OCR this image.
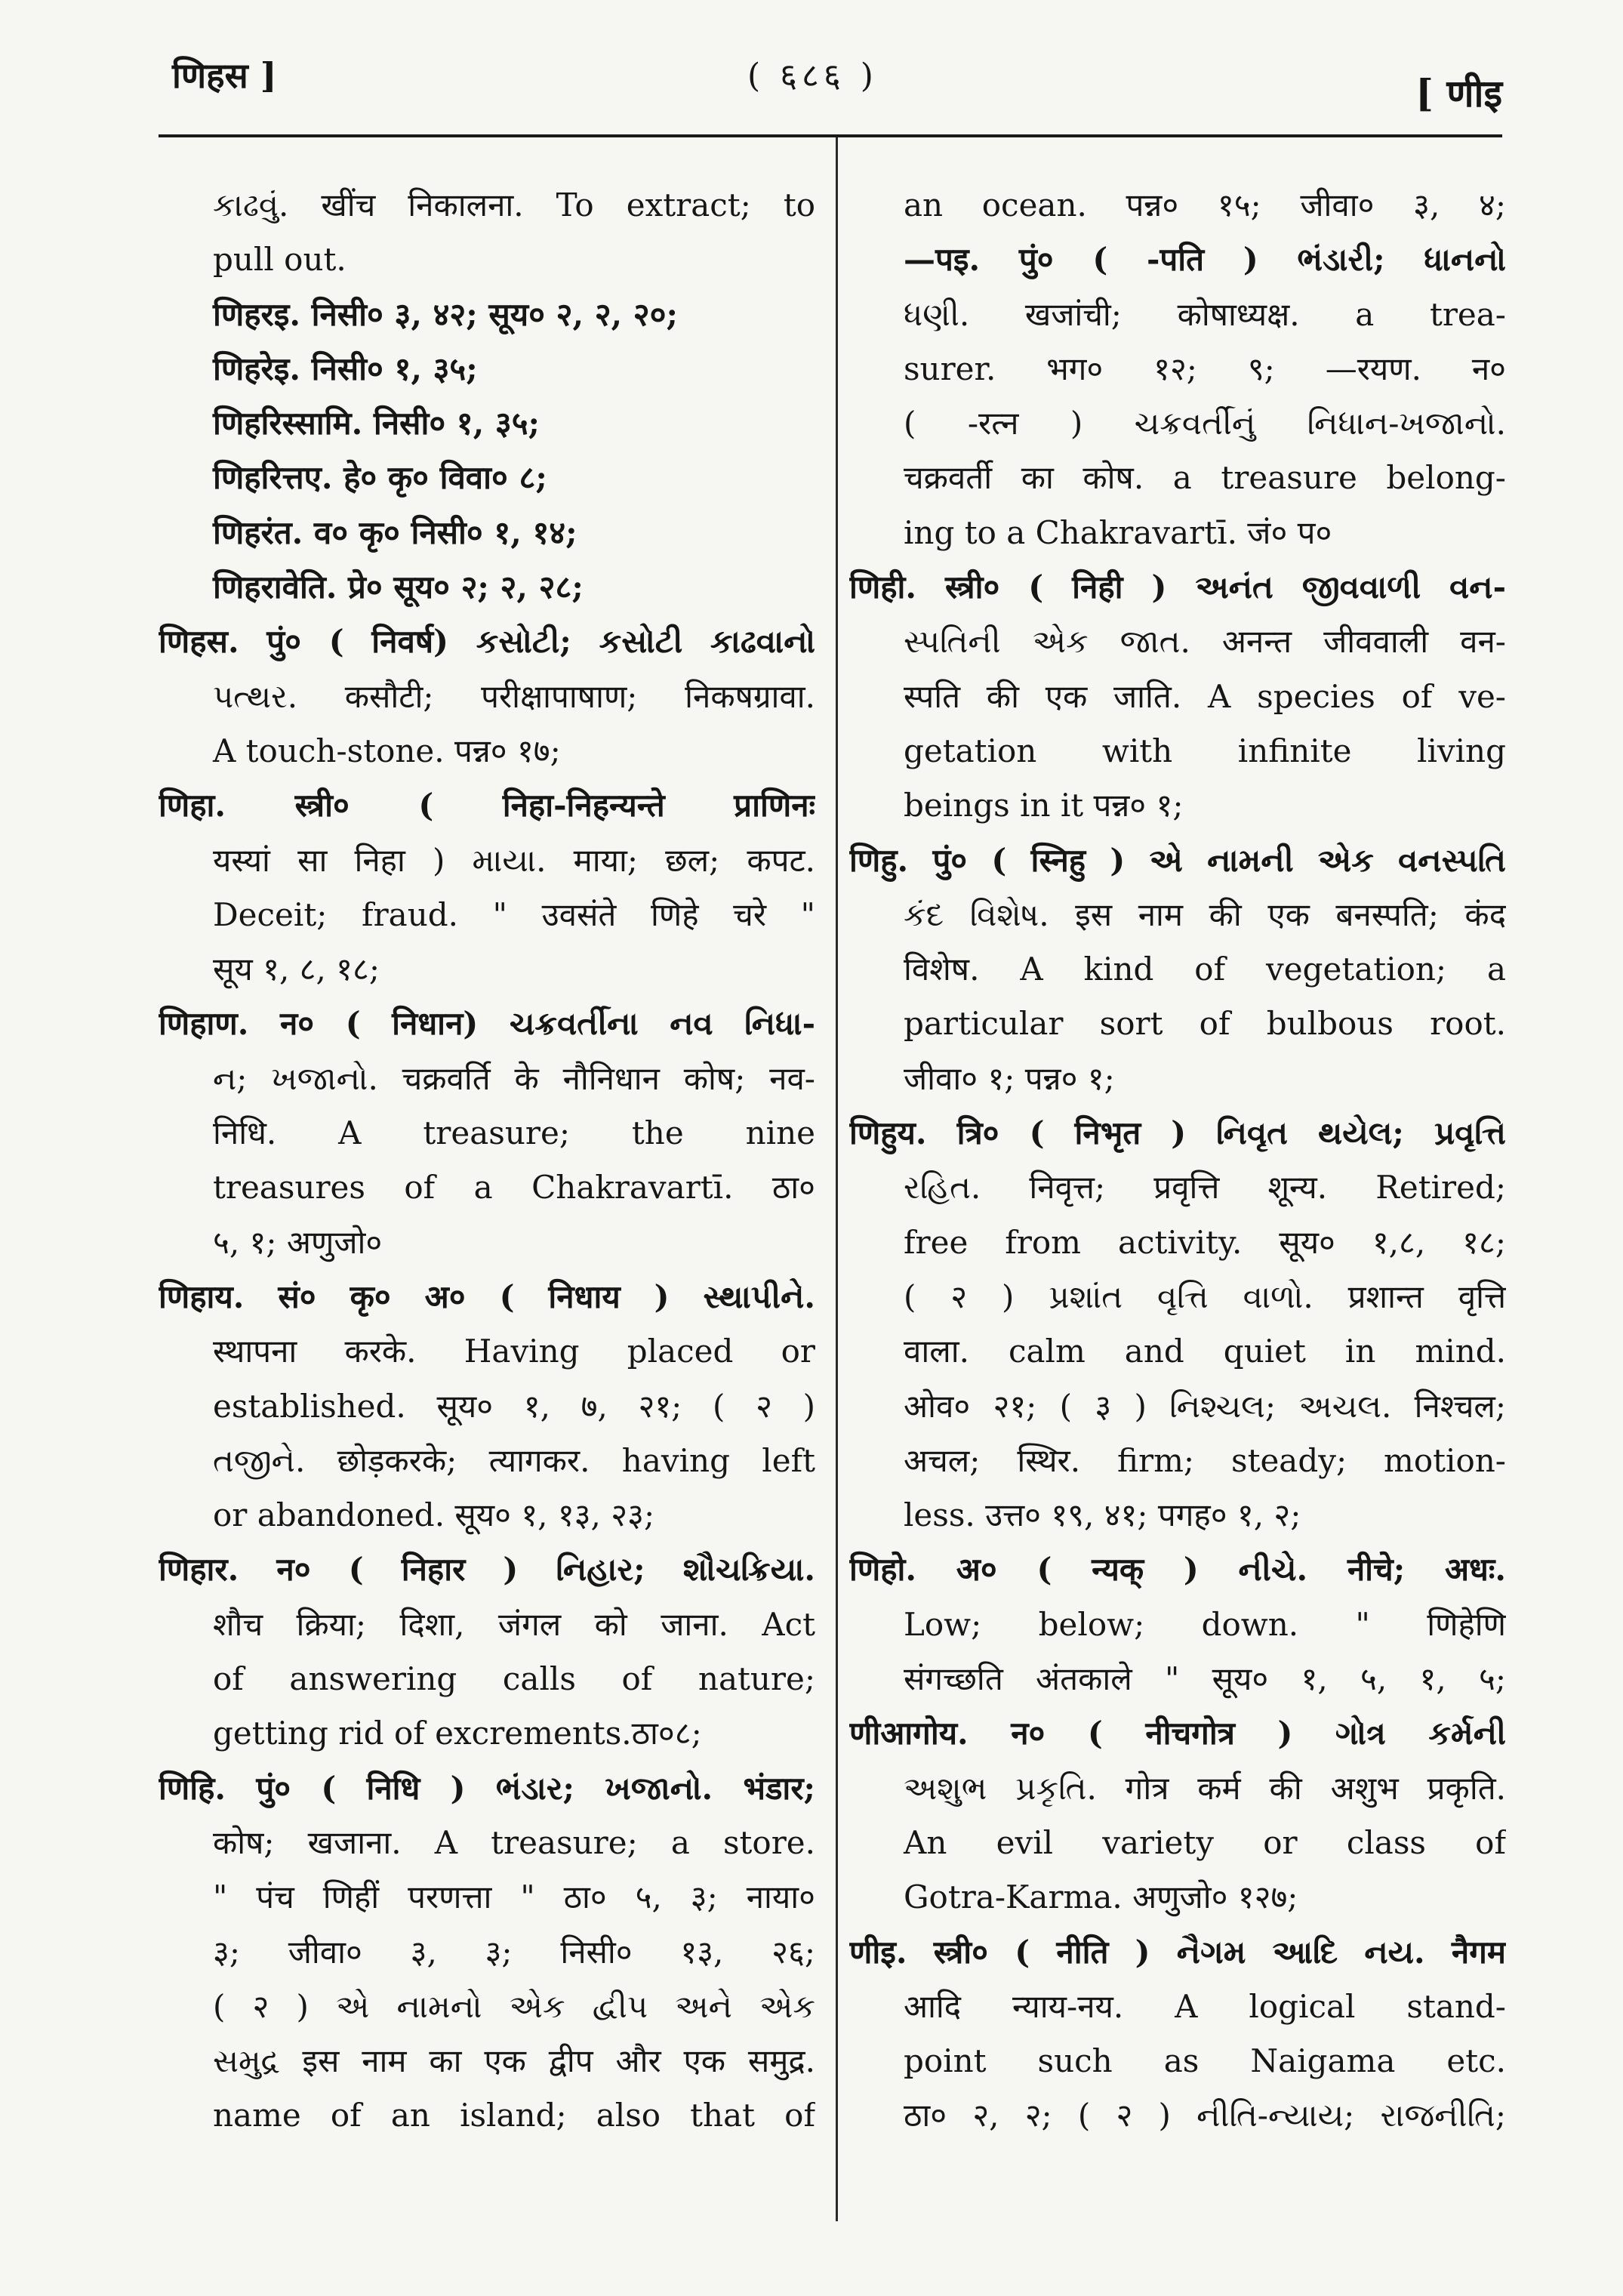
णिहस ]	( ६८६ )	[ णीइ
કાઢવું. खींच निकालना. To extract; to
pull out.
णिहरइ. निसी० ३, ४२; सूय० २, २, २०;
णिहरेइ. निसी० १, ३५;
णिहरिस्सामि. निसी० १, ३५;
णिहरित्तए. हे० कृ० विवा० ८;
णिहरंत. व० कृ० निसी० १, १४;
णिहरावेति. प्रे० सूय० २; २, २८;
णिहस. पुं० ( निवर्ष) કસોટી; કસોટી કાઢવાનો
પત્થર. कसौटी; परीक्षापाषाण; निकषग्रावा.
A touch-stone. पन्न० १७;
णिहा. स्त्री० ( निहा-निहन्यन्ते प्राणिनः
यस्यां सा निहा ) માયા. माया; छल; कपट.
Deceit; fraud. " उवसंते णिहे चरे "
सूय १, ८, १८;
णिहाण. न० ( निधान) ચક્રવર્તીના નવ નિધા-
ન; ખજાનો. चक्रवर्ति के नौनिधान कोष; नव-
निधि. A treasure; the nine
treasures of a Chakravartī. ठा०
५, १; अणुजो०
णिहाय. सं० कृ० अ० ( निधाय ) સ્થાપીને.
स्थापना करके. Having placed or
established. सूय० १, ७, २१; ( २ )
તજીને. छोड़करके; त्यागकर. having left
or abandoned. सूय० १, १३, २३;
णिहार. न० ( निहार ) નિહાર; શૌચક્રિયા.
शौच क्रिया; दिशा, जंगल को जाना. Act
of answering calls of nature;
getting rid of excrements.ठा०८;
णिहि. पुं० ( निधि ) ભંડાર; ખજાનો. भंडार;
कोष; खजाना. A treasure; a store.
" पंच णिहीं परणत्ता " ठा० ५, ३; नाया०
३; जीवा० ३, ३; निसी० १३, २६;
( २ ) એ નામનો એક દ્વીપ અને એક
સમુદ્ર इस नाम का एक द्वीप और एक समुद्र.
name of an island; also that of
an ocean. पन्न० १५; जीवा० ३, ४;
—पइ. पुं० ( -पति ) ભંડારી; ધાનનો
ધણી. खजांची; कोषाध्यक्ष. a trea-
surer. भग० १२; ९; —रयण. न०
( -रत्न ) ચક્રવર્તીનું નિધાન-ખજાનો.
चक्रवर्ती का कोष. a treasure belong-
ing to a Chakravartī. जं० प०
णिही. स्त्री० ( निही ) અનંત જીવવાળી વન-
સ્પતિની એક જાત. अनन्त जीववाली वन-
स्पति की एक जाति. A species of ve-
getation with infinite living
beings in it पन्न० १;
णिहु. पुं० ( स्निहु ) એ નામની એક વનસ્પતિ
કંદ વિશેષ. इस नाम की एक बनस्पति; कंद
विशेष. A kind of vegetation; a
particular sort of bulbous root.
जीवा० १; पन्न० १;
णिहुय. त्रि० ( निभृत ) નિવૃત થયેલ; પ્રવૃત્તિ
રહિત. निवृत्त; प्रवृत्ति शून्य. Retired;
free from activity. सूय० १,८, १८;
( २ ) પ્રશાંત વૃત્તિ વાળો. प्रशान्त वृत्ति
वाला. calm and quiet in mind.
ओव० २१; ( ३ ) નિશ્ચલ; અચલ. निश्चल;
अचल; स्थिर. firm; steady; motion-
less. उत्त० १९, ४१; पगह० १, २;
णिहो. अ० ( न्यक् ) નીચે. नीचे; अधः.
Low; below; down. " णिहेणि
संगच्छति अंतकाले " सूय० १, ५, १, ५;
णीआगोय. न० ( नीचगोत्र ) ગોત્ર કર્મની
અશુભ પ્રકૃતિ. गोत्र कर्म की अशुभ प्रकृति.
An evil variety or class of
Gotra-Karma. अणुजो० १२७;
णीइ. स्त्री० ( नीति ) નૈગમ આદિ નય. नैगम
आदि न्याय-नय. A logical stand-
point such as Naigama etc.
ठा० २, २; ( २ ) નીતિ-ન્યાય; રાજનીતિ;
